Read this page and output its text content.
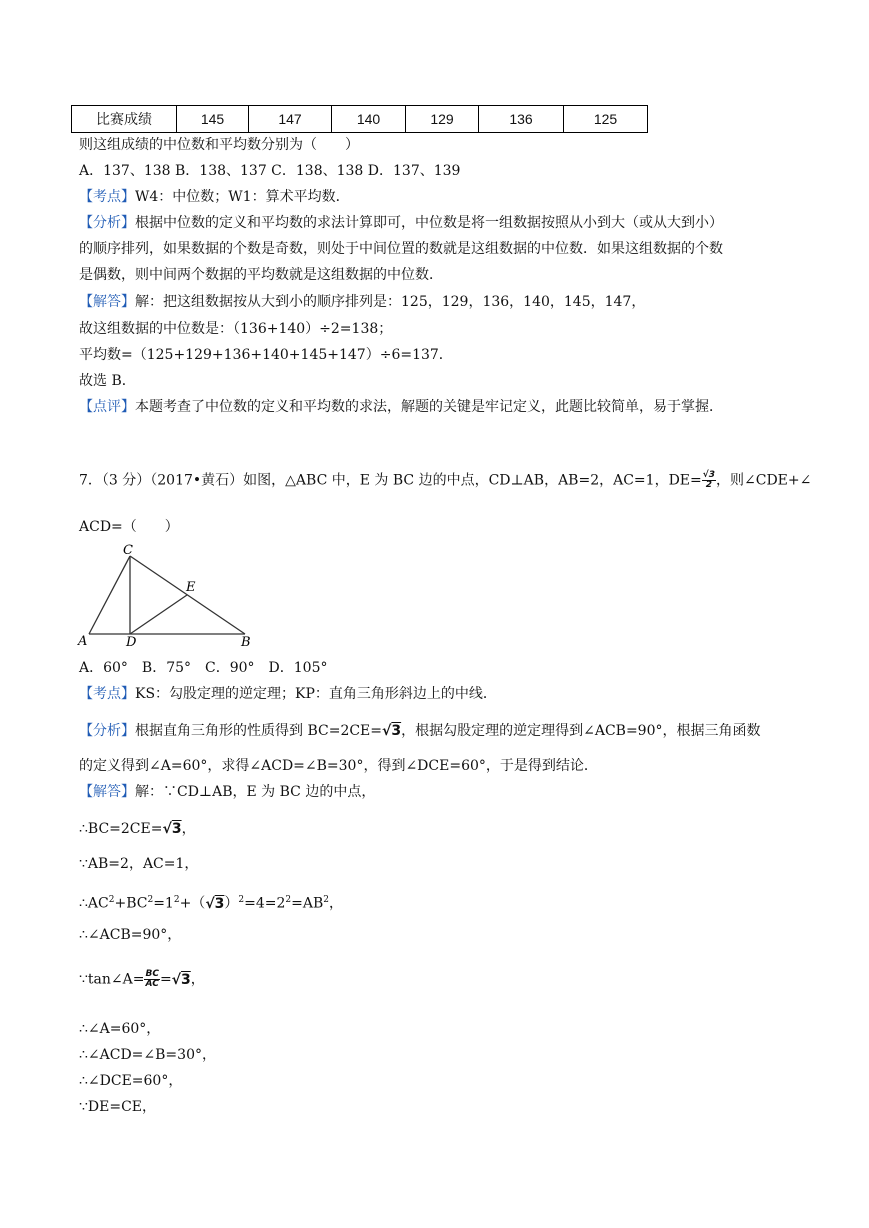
比赛成绩	145	147	140	129	136	125
则这组成绩的中位数和平均数分别为（　　）
A．137、138 B．138、137 C．138、138 D．137、139
【考点】W4：中位数；W1：算术平均数．
【分析】根据中位数的定义和平均数的求法计算即可，中位数是将一组数据按照从小到大（或从大到小）
的顺序排列，如果数据的个数是奇数，则处于中间位置的数就是这组数据的中位数．如果这组数据的个数
是偶数，则中间两个数据的平均数就是这组数据的中位数．
【解答】解：把这组数据按从大到小的顺序排列是：125，129，136，140，145，147，
故这组数据的中位数是：（136+140）÷2=138；
平均数=（125+129+136+140+145+147）÷6=137．
故选 B．
【点评】本题考查了中位数的定义和平均数的求法，解题的关键是牢记定义，此题比较简单，易于掌握．
7．（3 分）（2017•黄石）如图，△ABC 中，E 为 BC 边的中点，CD⊥AB，AB=2，AC=1，$DE= \frac{√3}{2}$ ，则∠CDE+∠
ACD=（　　）
C
E
A	D	B
A．60°　B．75°　C．90°　D．105°
【考点】KS：勾股定理的逆定理；KP：直角三角形斜边上的中线．
【分析】根据直角三角形的性质得到 BC=2CE=√3，根据勾股定理的逆定理得到∠ACB=90°，根据三角函数
的定义得到∠A=60°，求得∠ACD=∠B=30°，得到∠DCE=60°，于是得到结论．
【解答】解：∵CD⊥AB，E 为 BC 边的中点，
∴BC=2CE=√3，
∵AB=2，AC=1，
$\therefore AC^2+BC^2=1^2+(√3)^2=4=2^2=AB^2$，
∴∠ACB=90°，
∵tan∠A= $\frac{BC}{AC} =√3$，
∴∠A=60°，
∴∠ACD=∠B=30°，
∴∠DCE=60°，
∵DE=CE，
